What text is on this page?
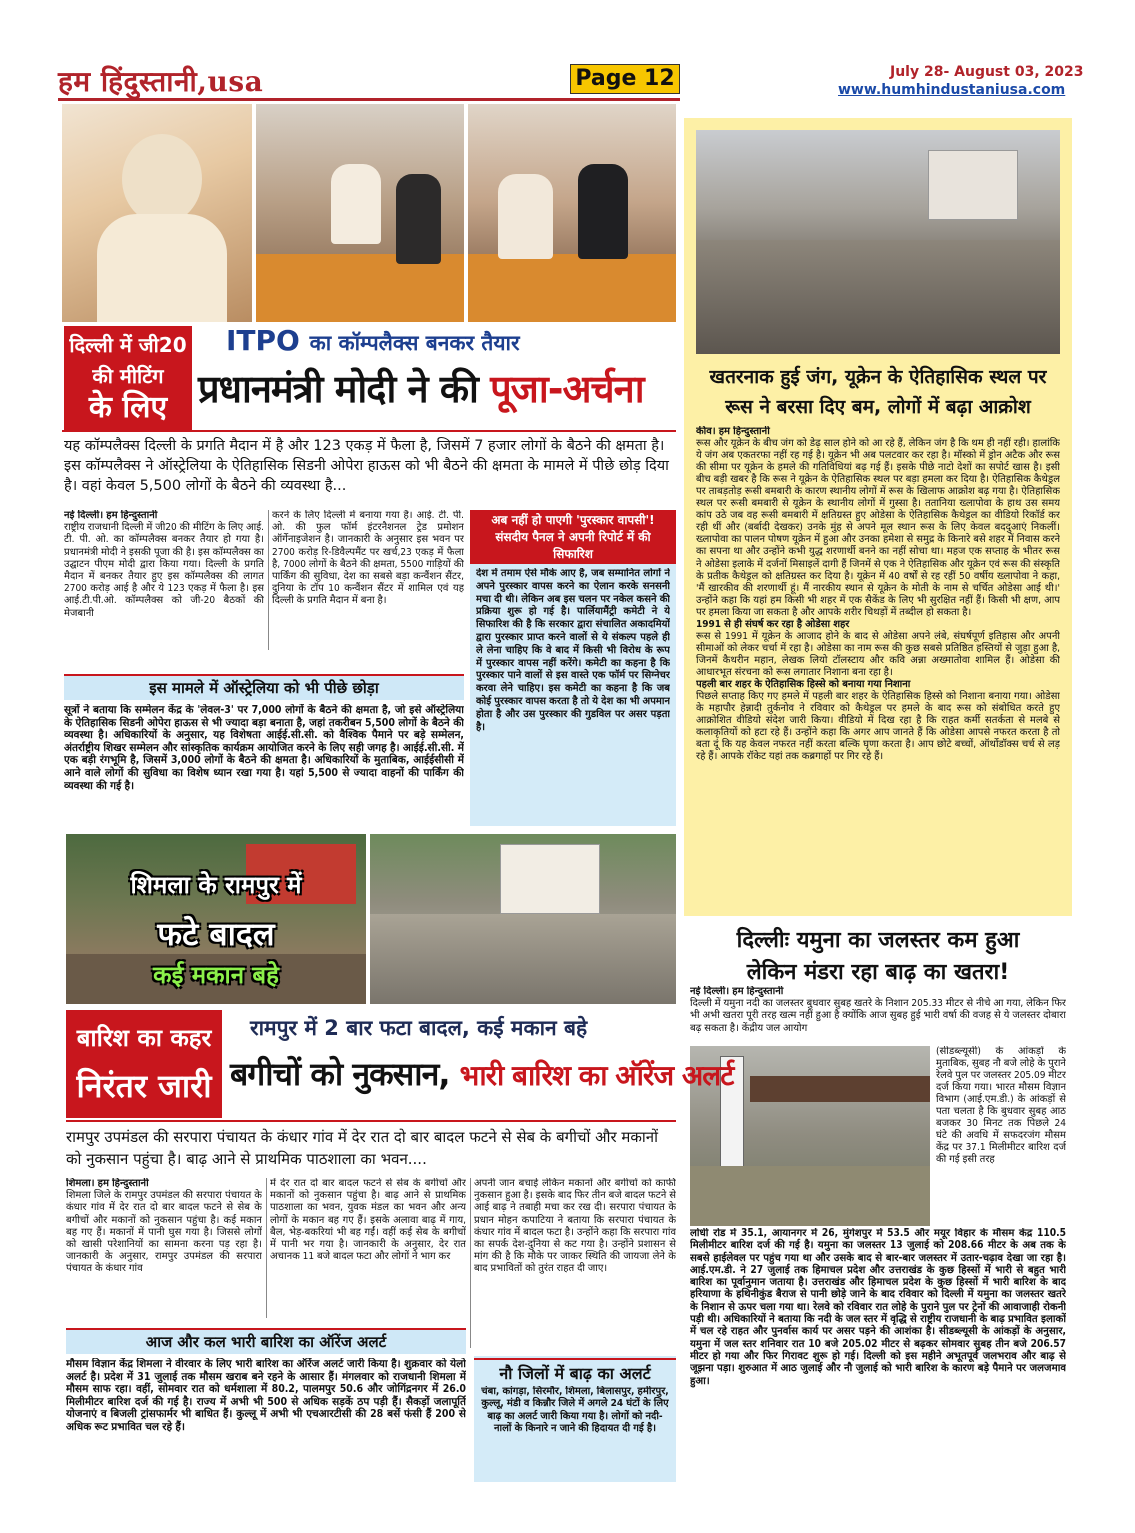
हम हिंदुस्तानी,usa	Page 12	July 28- August 03, 2023
www.humhindustaniusa.com
दिल्ली में जी20
की मीटिंग
के लिए
ITPO का कॉम्पलैक्स बनकर तैयार
प्रधानमंत्री मोदी ने की पूजा-अर्चना
यह कॉम्पलैक्स दिल्ली के प्रगति मैदान में है और 123 एकड़ में फैला है, जिसमें 7 हजार लोगों के बैठने की क्षमता है। इस कॉम्पलैक्स ने ऑस्ट्रेलिया के ऐतिहासिक सिडनी ओपेरा हाऊस को भी बैठने की क्षमता के मामले में पीछे छोड़ दिया है। वहां केवल 5,500 लोगों के बैठने की व्यवस्था है...
नई दिल्ली। हम हिन्दुस्तानी
राष्ट्रीय राजधानी दिल्ली में जी20 की मीटिंग के लिए आई. टी. पी. ओ. का कॉम्पलैक्स बनकर तैयार हो गया है। प्रधानमंत्री मोदी ने इसकी पूजा की है। इस कॉम्पलैक्स का उद्घाटन पीएम मोदी द्वारा किया गया। दिल्ली के प्रगति मैदान में बनकर तैयार हुए इस कॉम्पलैक्स की लागत 2700 करोड़ आई है और ये 123 एकड़ में फैला है। इस आई.टी.पी.ओ. कॉम्पलैक्स को जी-20 बैठकों की मेजबानी
करने के लिए दिल्ली में बनाया गया है। आई. टी. पी. ओ. की फुल फॉर्म इंटरनैशनल ट्रेड प्रमोशन ऑर्गेनाइजेशन है। जानकारी के अनुसार इस भवन पर 2700 करोड़ रि-डिवैल्पमैंट पर खर्च,23 एकड़ में फैला है, 7000 लोगों के बैठने की क्षमता, 5500 गाड़ियों की पार्किंग की सुविधा, देश का सबसे बड़ा कन्वैंशन सैंटर, दुनिया के टॉप 10 कन्वैंशन सैंटर में शामिल एवं यह दिल्ली के प्रगति मैदान में बना है।
इस मामले में ऑस्ट्रेलिया को भी पीछे छोड़ा
सूत्रों ने बताया कि सम्मेलन केंद्र के 'लेवल-3' पर 7,000 लोगों के बैठने की क्षमता है, जो इसे ऑस्ट्रेलिया के ऐतिहासिक सिडनी ओपेरा हाऊस से भी ज्यादा बड़ा बनाता है, जहां तकरीबन 5,500 लोगों के बैठने की व्यवस्था है। अधिकारियों के अनुसार, यह विशेषता आईई.सी.सी. को वैश्विक पैमाने पर बड़े सम्मेलन, अंतर्राष्ट्रीय शिखर सम्मेलन और सांस्कृतिक कार्यक्रम आयोजित करने के लिए सही जगह है। आईई.सी.सी. में एक बड़ी रंगभूमि है, जिसमें 3,000 लोगों के बैठने की क्षमता है। अधिकारियों के मुताबिक, आईईसीसी में आने वाले लोगों की सुविधा का विशेष ध्यान रखा गया है। यहां 5,500 से ज्यादा वाहनों की पार्किंग की व्यवस्था की गई है।
अब नहीं हो पाएगी 'पुरस्कार वापसी'! संसदीय पैनल ने अपनी रिपोर्ट में की सिफारिश
देश में तमाम ऐसे मौके आए है, जब सम्मानित लोगों ने अपने पुरस्कार वापस करने का ऐलान करके सनसनी मचा दी थी। लेकिन अब इस चलन पर नकेल कसने की प्रक्रिया शुरू हो गई है। पार्लियामैंट्री कमेटी ने ये सिफारिश की है कि सरकार द्वारा संचालित अकादमियों द्वारा पुरस्कार प्राप्त करने वालों से ये संकल्प पहले ही ले लेना चाहिए कि वे बाद में किसी भी विरोध के रूप में पुरस्कार वापस नहीं करेंगे। कमेटी का कहना है कि पुरस्कार पाने वालों से इस वास्ते एक फॉर्म पर सिग्नेचर करवा लेने चाहिए। इस कमेटी का कहना है कि जब कोई पुरस्कार वापस करता है तो ये देश का भी अपमान होता है और उस पुरस्कार की गुडविल पर असर पड़ता है।
खतरनाक हुई जंग, यूक्रेन के ऐतिहासिक स्थल पर रूस ने बरसा दिए बम, लोगों में बढ़ा आक्रोश
कीव। हम हिन्दुस्तानी
रूस और यूक्रेन के बीच जंग को डेढ़ साल होने को आ रहे हैं, लेकिन जंग है कि थम ही नहीं रही। हालांकि ये जंग अब एकतरफा नहीं रह गई है। यूक्रेन भी अब पलटवार कर रहा है। मॉस्को में ड्रोन अटैक और रूस की सीमा पर यूक्रेन के हमले की गतिविधियां बढ़ गई हैं। इसके पीछे नाटो देशों का सपोर्ट खास है। इसी बीच बड़ी खबर है कि रूस ने यूक्रेन के ऐतिहासिक स्थल पर बड़ा हमला कर दिया है। ऐतिहासिक कैथेड्रल पर ताबड़तोड़ रूसी बमबारी के कारण स्थानीय लोगों में रूस के खिलाफ आक्रोश बढ़ गया है। ऐतिहासिक स्थल पर रूसी बमबारी से यूक्रेन के स्थानीय लोगों में गुस्सा है। ततानिया ख्लापोवा के हाथ उस समय कांप उठे जब वह रूसी बमबारी में क्षतिग्रस्त हुए ओडेसा के ऐतिहासिक कैथेड्रल का वीडियो रिकॉर्ड कर रही थीं और (बर्बादी देखकर) उनके मुंह से अपने मूल स्थान रूस के लिए केवल बददुआएं निकलीं। ख्लापोवा का पालन पोषण यूक्रेन में हुआ और उनका हमेशा से समुद्र के किनारे बसे शहर में निवास करने का सपना था और उन्होंने कभी युद्ध शरणार्थी बनने का नहीं सोचा था। महज एक सप्ताह के भीतर रूस ने ओडेसा इलाके में दर्जनों मिसाइलें दागी हैं जिनमें से एक ने ऐतिहासिक और यूक्रेन एवं रूस की संस्कृति के प्रतीक कैथेड्रल को क्षतिग्रस्त कर दिया है। यूक्रेन में 40 वर्षों से रह रहीं 50 वर्षीय ख्लापोवा ने कहा, 'मैं खारकीव की शरणार्थी हूं। मैं नारकीय स्थान से यूक्रेन के मोती के नाम से चर्चित ओडेसा आई थी।' उन्होंने कहा कि यहां हम किसी भी शहर में एक सैकेंड के लिए भी सुरक्षित नहीं हैं। किसी भी क्षण, आप पर हमला किया जा सकता है और आपके शरीर चिथड़ों में तब्दील हो सकता है।
1991 से ही संघर्ष कर रहा है ओडेसा शहर
रूस से 1991 में यूक्रेन के आजाद होने के बाद से ओडेसा अपने लंबे, संघर्षपूर्ण इतिहास और अपनी सीमाओं को लेकर चर्चा में रहा है। ओडेसा का नाम रूस की कुछ सबसे प्रतिष्ठित हस्तियों से जुड़ा हुआ है, जिनमें कैथरीन महान, लेखक लियो टॉलस्टाय और कवि अन्ना अख्मातोवा शामिल हैं। ओडेसा की आधारभूत संरचना को रूस लगातार निशाना बना रहा है।
पहली बार शहर के ऐतिहासिक हिस्से को बनाया गया निशाना
पिछले सप्ताह किए गए हमले में पहली बार शहर के ऐतिहासिक हिस्से को निशाना बनाया गया। ओडेसा के महापौर हेन्नादी तुर्कनोव ने रविवार को कैथेड्रल पर हमले के बाद रूस को संबोधित करते हुए आक्रोशित वीडियो संदेश जारी किया। वीडियो में दिख रहा है कि राहत कर्मी सतर्कता से मलबे से कलाकृतियों को हटा रहे हैं। उन्होंने कहा कि अगर आप जानते हैं कि ओडेसा आपसे नफरत करता है तो बता दूं कि यह केवल नफरत नहीं करता बल्कि घृणा करता है। आप छोटे बच्चों, ऑर्थोडॉक्स चर्च से लड़ रहे हैं। आपके रॉकेट यहां तक कब्रगाहों पर गिर रहे हैं।
दिल्लीः यमुना का जलस्तर कम हुआ
लेकिन मंडरा रहा बाढ़ का खतरा!
नई दिल्ली। हम हिन्दुस्तानी
दिल्ली में यमुना नदी का जलस्तर बुधवार सुबह खतरे के निशान 205.33 मीटर से नीचे आ गया, लेकिन फिर भी अभी खतरा पूरी तरह खत्म नहीं हुआ है क्योंकि आज सुबह हुई भारी वर्षा की वजह से ये जलस्तर दोबारा बढ़ सकता है। केंद्रीय जल आयोग
(सीडब्ल्यूसी) के आंकड़ों के मुताबिक, सुबह नौ बजे लोहे के पुराने रेलवे पुल पर जलस्तर 205.09 मीटर दर्ज किया गया। भारत मौसम विज्ञान विभाग (आई.एम.डी.) के आंकड़ों से पता चलता है कि बुधवार सुबह आठ बजकर 30 मिनट तक पिछले 24 घंटे की अवधि में सफदरजंग मौसम केंद्र पर 37.1 मिलीमीटर बारिश दर्ज की गई इसी तरह
लोधी रोड में 35.1, आयानगर में 26, मुंगेशपुर में 53.5 और मयूर विहार के मौसम केंद्र 110.5 मिलीमीटर बारिश दर्ज की गई है। यमुना का जलस्तर 13 जुलाई को 208.66 मीटर के अब तक के सबसे हाईलेवल पर पहुंच गया था और उसके बाद से बार-बार जलस्तर में उतार-चढ़ाव देखा जा रहा है। आई.एम.डी. ने 27 जुलाई तक हिमाचल प्रदेश और उत्तराखंड के कुछ हिस्सों में भारी से बहुत भारी बारिश का पूर्वानुमान जताया है। उत्तराखंड और हिमाचल प्रदेश के कुछ हिस्सों में भारी बारिश के बाद हरियाणा के हथिनीकुंड बैराज से पानी छोड़े जाने के बाद रविवार को दिल्ली में यमुना का जलस्तर खतरे के निशान से ऊपर चला गया था। रेलवे को रविवार रात लोहे के पुराने पुल पर ट्रेनों की आवाजाही रोकनी पड़ी थी। अधिकारियों ने बताया कि नदी के जल स्तर में वृद्धि से राष्ट्रीय राजधानी के बाढ़ प्रभावित इलाकों में चल रहे राहत और पुनर्वास कार्य पर असर पड़ने की आशंका है। सीडब्ल्यूसी के आंकड़ों के अनुसार, यमुना में जल स्तर शनिवार रात 10 बजे 205.02 मीटर से बढ़कर सोमवार सुबह तीन बजे 206.57 मीटर हो गया और फिर गिरावट शुरू हो गई। दिल्ली को इस महीने अभूतपूर्व जलभराव और बाढ़ से जूझना पड़ा। शुरुआत में आठ जुलाई और नौ जुलाई को भारी बारिश के कारण बड़े पैमाने पर जलजमाव हुआ।
शिमला के रामपुर में
फटे बादल
कई मकान बहे
बारिश का कहर
निरंतर जारी
रामपुर में 2 बार फटा बादल, कई मकान बहे
बगीचों को नुकसान, भारी बारिश का ऑरेंज अलर्ट
रामपुर उपमंडल की सरपारा पंचायत के कंधार गांव में देर रात दो बार बादल फटने से सेब के बगीचों और मकानों को नुकसान पहुंचा है। बाढ़ आने से प्राथमिक पाठशाला का भवन....
शिमला। हम हिन्दुस्तानी
शिमला जिले के रामपुर उपमंडल की सरपारा पंचायत के कंधार गांव में देर रात दो बार बादल फटने से सेब के बगीचों और मकानों को नुकसान पहुंचा है। कई मकान बह गए हैं। मकानों में पानी घुस गया है। जिससे लोगों को खासी परेशानियों का सामना करना पड़ रहा है। जानकारी के अनुसार, रामपुर उपमंडल की सरपारा पंचायत के कंधार गांव
में देर रात दो बार बादल फटने से सेब के बगीचों और मकानों को नुकसान पहुंचा है। बाढ़ आने से प्राथमिक पाठशाला का भवन, युवक मंडल का भवन और अन्य लोगों के मकान बह गए हैं। इसके अलावा बाढ़ में गाय, बैल, भेड़-बकरियां भी बह गईं। वहीं कई सेब के बगीचों में पानी भर गया है। जानकारी के अनुसार, देर रात अचानक 11 बजे बादल फटा और लोगों ने भाग कर
अपनी जान बचाई लेकिन मकानों और बगीचों को काफी नुकसान हुआ है। इसके बाद फिर तीन बजे बादल फटने से आई बाढ़ ने तबाही मचा कर रख दी। सरपारा पंचायत के प्रधान मोहन कपाटिया ने बताया कि सरपारा पंचायत के कंधार गांव में बादल फटा है। उन्होंने कहा कि सरपारा गांव का सपर्क देश-दुनिया से कट गया है। उन्होंने प्रशासन से मांग की है कि मौके पर जाकर स्थिति की जायजा लेने के बाद प्रभावितों को तुरंत राहत दी जाए।
आज और कल भारी बारिश का ऑरेंज अलर्ट
मौसम विज्ञान केंद्र शिमला ने वीरवार के लिए भारी बारिश का ऑरेंज अलर्ट जारी किया है। शुक्रवार को येलो अलर्ट है। प्रदेश में 31 जुलाई तक मौसम खराब बने रहने के आसार हैं। मंगलवार को राजधानी शिमला में मौसम साफ रहा। वहीं, सोमवार रात को धर्मशाला में 80.2, पालमपुर 50.6 और जोगिंद्रनगर में 26.0 मिलीमीटर बारिश दर्ज की गई है। राज्य में अभी भी 500 से अधिक सड़कें ठप पड़ी हैं। सैकड़ों जलापूर्ति योजनाएं व बिजली ट्रांसफार्मर भी बाधित हैं। कुल्लू में अभी भी एचआरटीसी की 28 बसें फंसी हैं 200 से अधिक रूट प्रभावित चल रहे हैं।
नौ जिलों में बाढ़ का अलर्ट
चंबा, कांगड़ा, सिरमौर, शिमला, बिलासपुर, हमीरपुर, कुल्लू, मंडी व किन्नौर जिले में अगले 24 घंटों के लिए बाढ़ का अलर्ट जारी किया गया है। लोगों को नदी-नालों के किनारे न जाने की हिदायत दी गई है।
